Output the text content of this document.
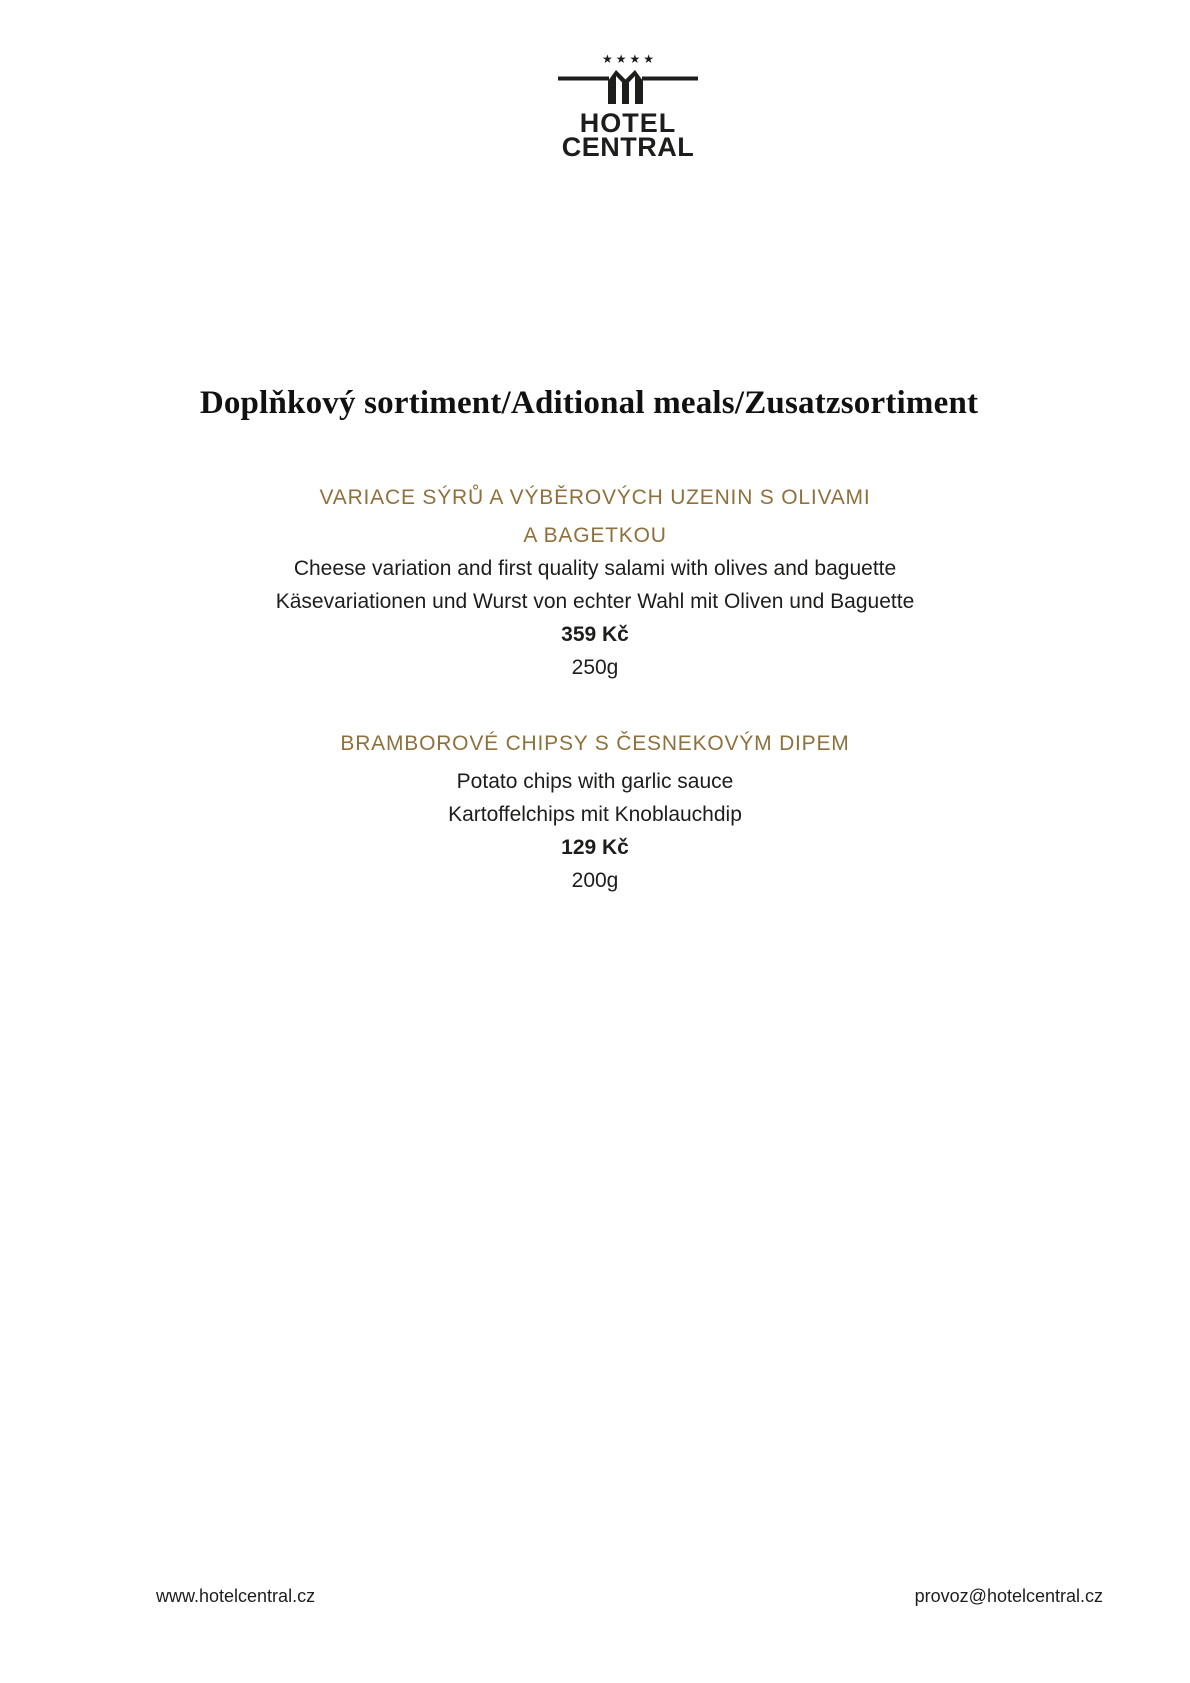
★★★★
HOTEL
CENTRAL
Doplňkový sortiment/Aditional meals/Zusatzsortiment
VARIACE SÝRŮ A VÝBĚROVÝCH UZENIN S OLIVAMI
A BAGETKOU
Cheese variation and first quality salami with olives and baguette
Käsevariationen und Wurst von echter Wahl mit Oliven und Baguette
359 Kč
250g
BRAMBOROVÉ CHIPSY S ČESNEKOVÝM DIPEM
Potato chips with garlic sauce
Kartoffelchips mit Knoblauchdip
129 Kč
200g
www.hotelcentral.cz	provoz@hotelcentral.cz
